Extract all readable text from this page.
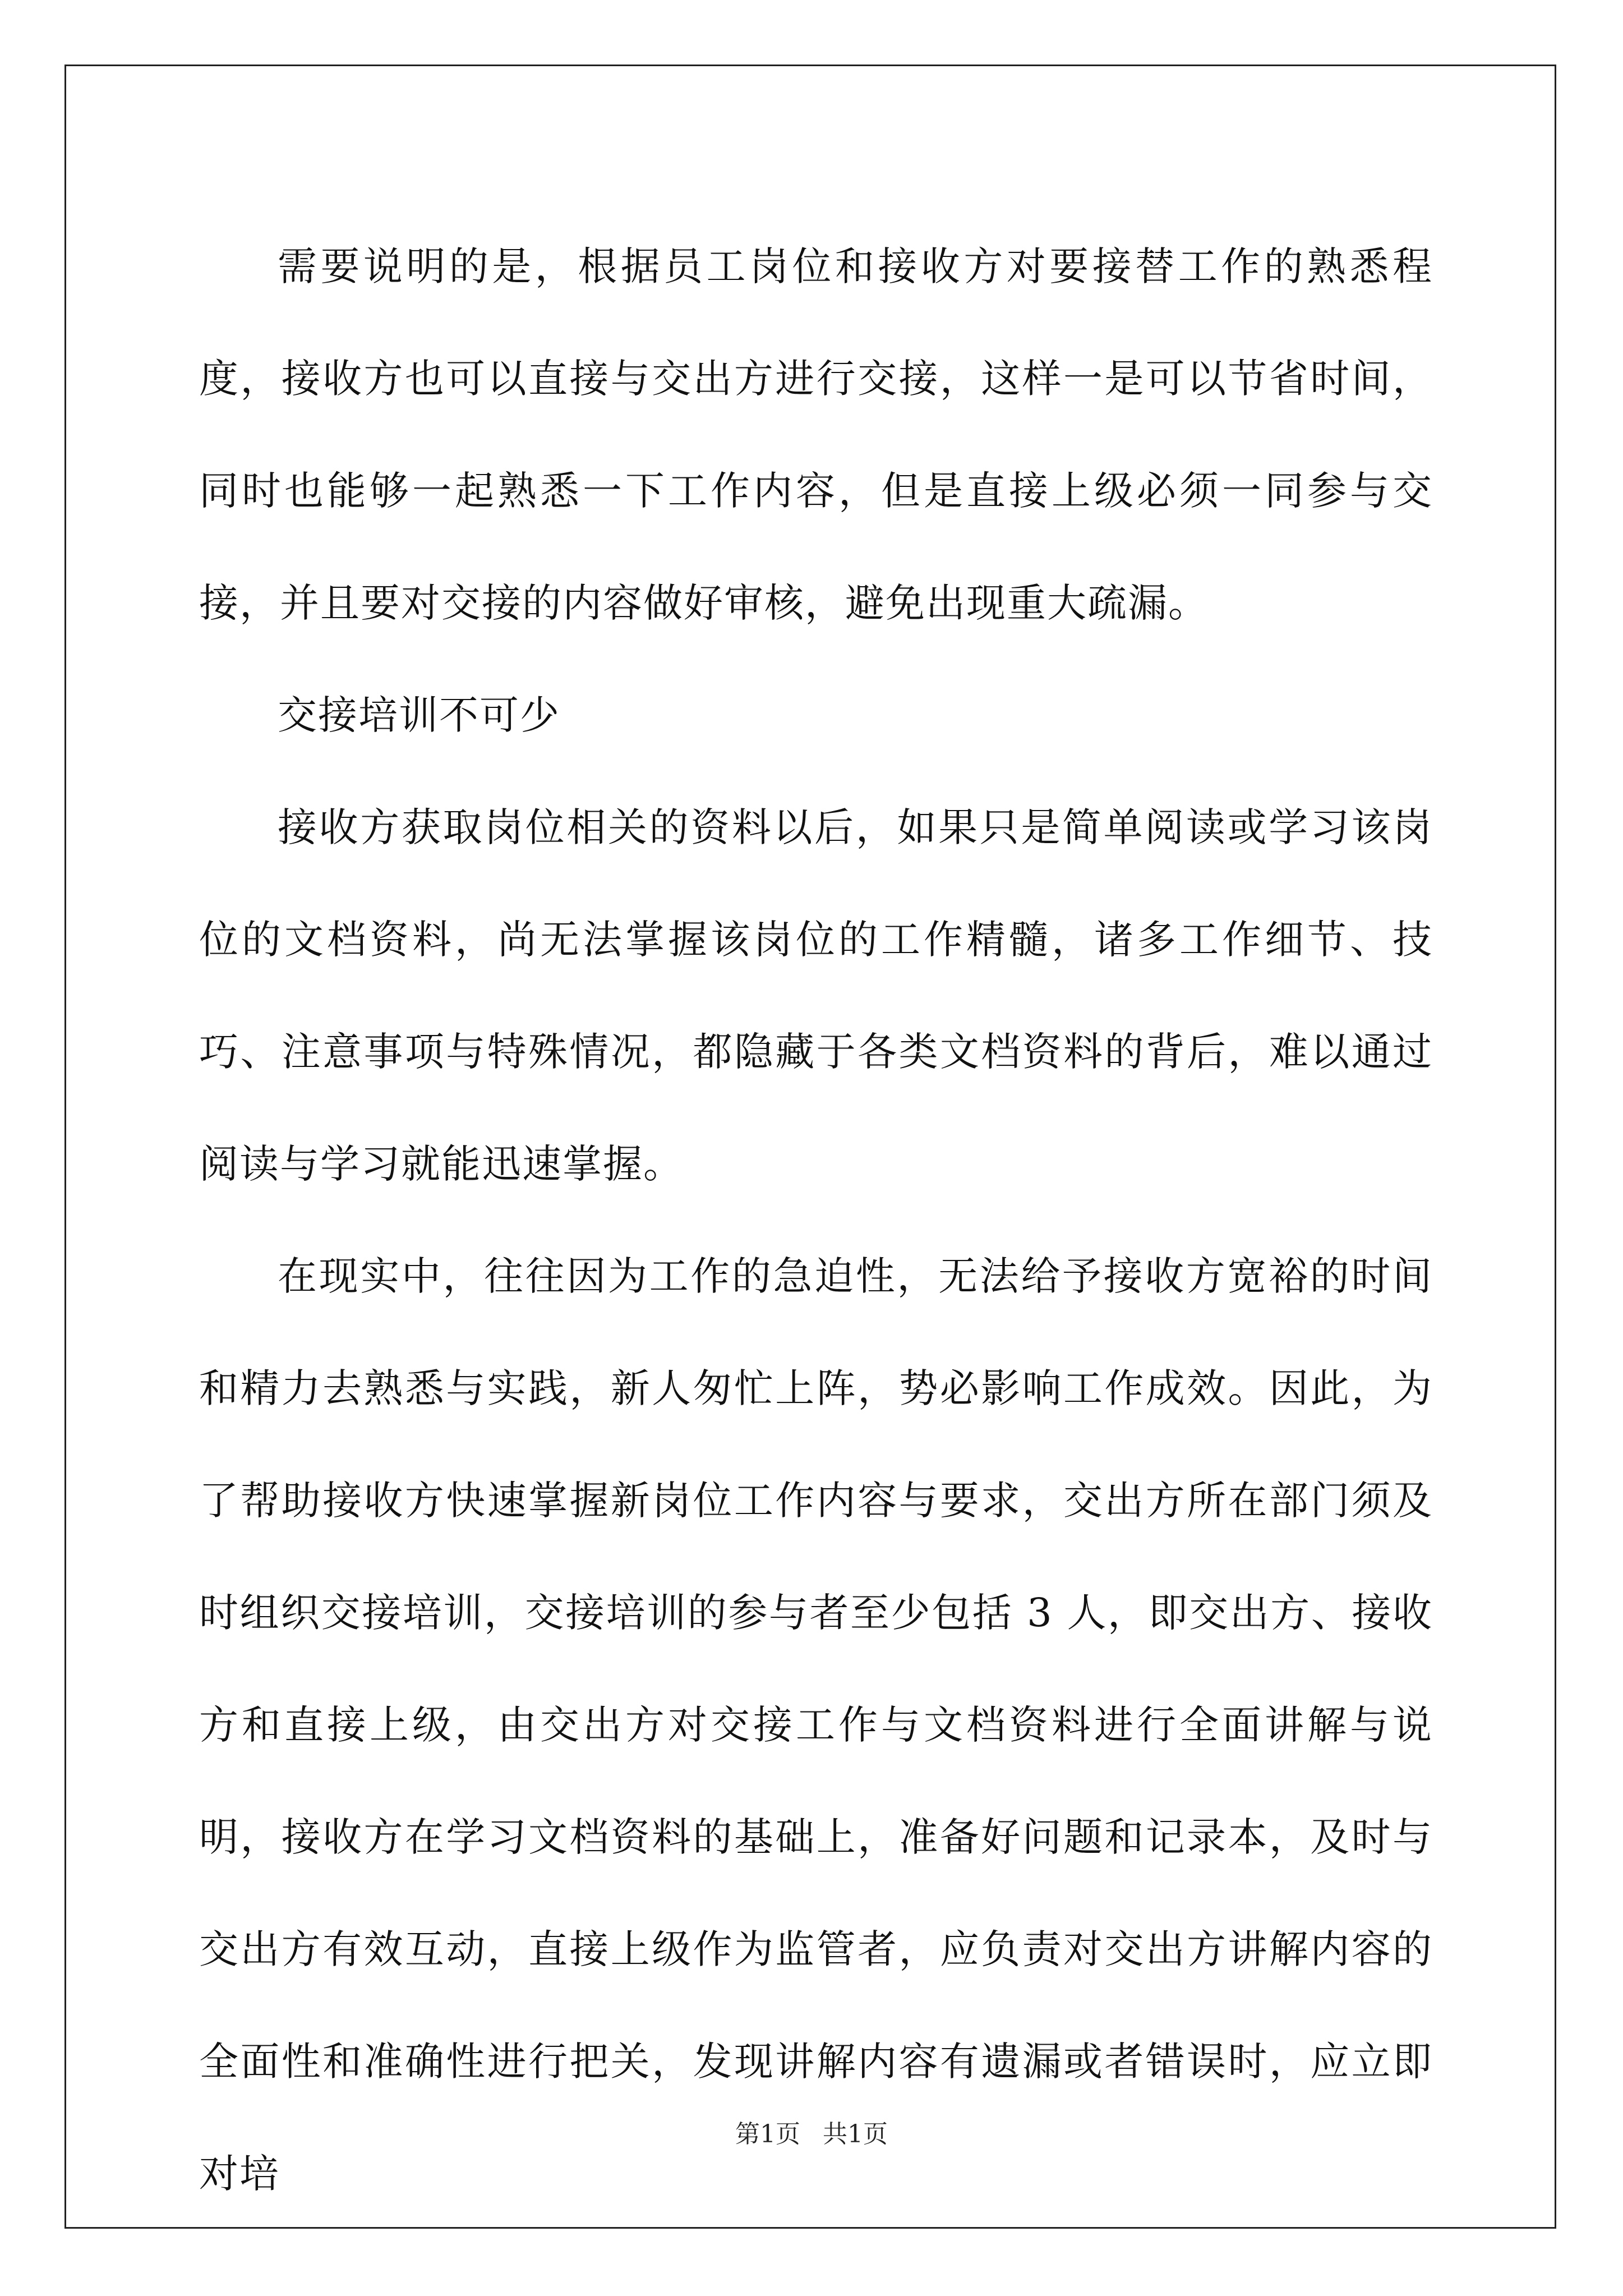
需要说明的是，根据员工岗位和接收方对要接替工作的熟悉程度，接收方也可以直接与交出方进行交接，这样一是可以节省时间，同时也能够一起熟悉一下工作内容，但是直接上级必须一同参与交接，并且要对交接的内容做好审核，避免出现重大疏漏。

交接培训不可少

接收方获取岗位相关的资料以后，如果只是简单阅读或学习该岗位的文档资料，尚无法掌握该岗位的工作精髓，诸多工作细节、技巧、注意事项与特殊情况，都隐藏于各类文档资料的背后，难以通过阅读与学习就能迅速掌握。

在现实中，往往因为工作的急迫性，无法给予接收方宽裕的时间和精力去熟悉与实践，新人匆忙上阵，势必影响工作成效。因此，为了帮助接收方快速掌握新岗位工作内容与要求，交出方所在部门须及时组织交接培训，交接培训的参与者至少包括 3 人，即交出方、接收方和直接上级，由交出方对交接工作与文档资料进行全面讲解与说明，接收方在学习文档资料的基础上，准备好问题和记录本，及时与交出方有效互动，直接上级作为监管者，应负责对交出方讲解内容的全面性和准确性进行把关，发现讲解内容有遗漏或者错误时，应立即对培

第1页 共1页
